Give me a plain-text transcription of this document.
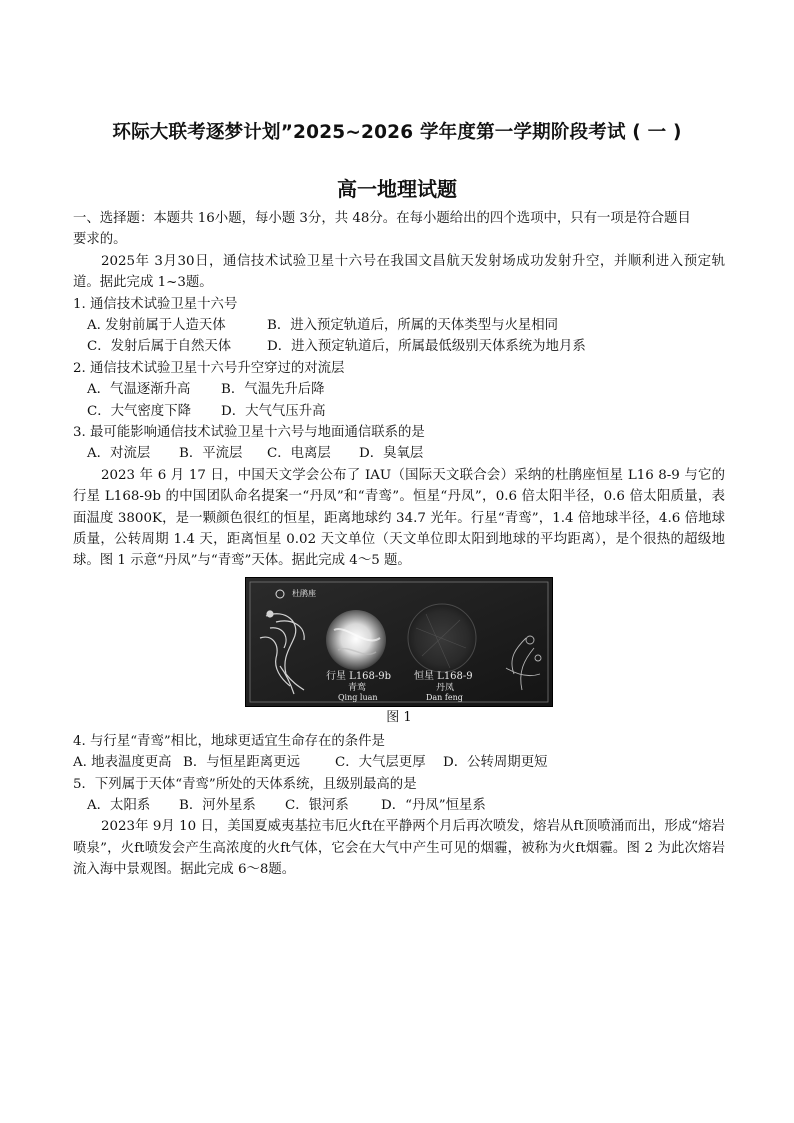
环际大联考逐梦计划”2025~2026 学年度第一学期阶段考试 ( 一 )
高一地理试题
一、选择题：本题共 16小题，每小题 3分，共 48分。在每小题给出的四个选项中，只有一项是符合题目
要求的。
2025年 3月30日，通信技术试验卫星十六号在我国文昌航天发射场成功发射升空，并顺利进入预定轨道。据此完成 1~3题。
1. 通信技术试验卫星十六号
A. 发射前属于人造天体	B．进入预定轨道后，所属的天体类型与火星相同
C．发射后属于自然天体	D．进入预定轨道后，所属最低级别天体系统为地月系
2. 通信技术试验卫星十六号升空穿过的对流层
A．气温逐渐升高	B．气温先升后降
C．大气密度下降	D．大气气压升高
3. 最可能影响通信技术试验卫星十六号与地面通信联系的是
A．对流层	B．平流层	C．电离层	D．臭氧层
2023 年 6 月 17 日，中国天文学会公布了 IAU（国际天文联合会）采纳的杜鹃座恒星 L16 8-9 与它的行星 L168-9b 的中国团队命名提案一“丹凤”和“青鸾”。恒星“丹凤”，0.6 倍太阳半径，0.6 倍太阳质量，表面温度 3800K，是一颗颜色很红的恒星，距离地球约 34.7 光年。行星“青鸾”，1.4 倍地球半径，4.6 倍地球质量，公转周期 1.4 天，距离恒星 0.02 天文单位（天文单位即太阳到地球的平均距离），是个很热的超级地球。图 1 示意“丹凤”与“青鸾”天体。据此完成 4～5 题。
杜鹃座
行星 L168-9b
青鸾
Qing luan
恒星 L168-9
丹凤
Dan feng
图 1
4. 与行星“青鸾”相比，地球更适宜生命存在的条件是
A. 地表温度更高 B．与恒星距离更远	C．大气层更厚	D．公转周期更短
5．下列属于天体“青鸾”所处的天体系统，且级别最高的是
A．太阳系	B．河外星系	C．银河系	D．“丹凤”恒星系
2023年 9月 10 日，美国夏威夷基拉韦厄火ft在平静两个月后再次喷发，熔岩从ft顶喷涌而出，形成“熔岩喷泉”，火ft喷发会产生高浓度的火ft气体，它会在大气中产生可见的烟霾，被称为火ft烟霾。图 2 为此次熔岩流入海中景观图。据此完成 6～8题。
